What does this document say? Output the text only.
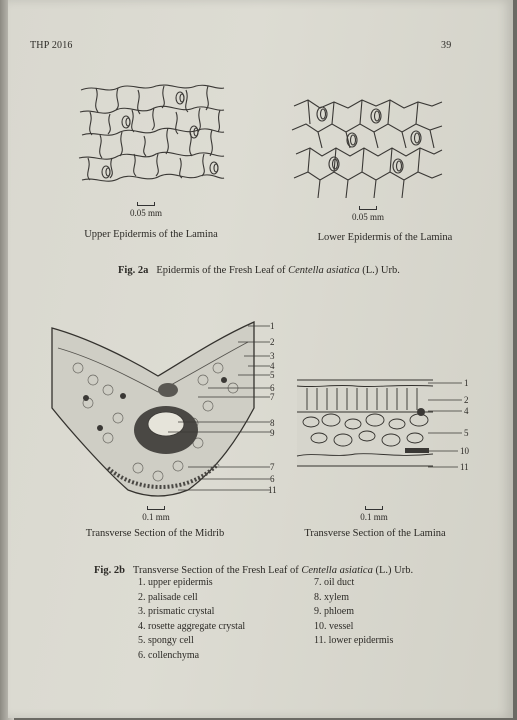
THP 2016	39
0.05 mm
Upper Epidermis of the Lamina
0.05 mm
Lower Epidermis of the Lamina
Fig. 2a Epidermis of the Fresh Leaf of Centella asiatica (L.) Urb.
1
2
3
4
5
6
7
8
9
7
6
11
0.1 mm
Transverse Section of the Midrib
1
2
4
5
10
11
0.1 mm
Transverse Section of the Lamina
Fig. 2b Transverse Section of the Fresh Leaf of Centella asiatica (L.) Urb.
1. upper epidermis
2. palisade cell
3. prismatic crystal
4. rosette aggregate crystal
5. spongy cell
6. collenchyma
7. oil duct
8. xylem
9. phloem
10. vessel
11. lower epidermis
